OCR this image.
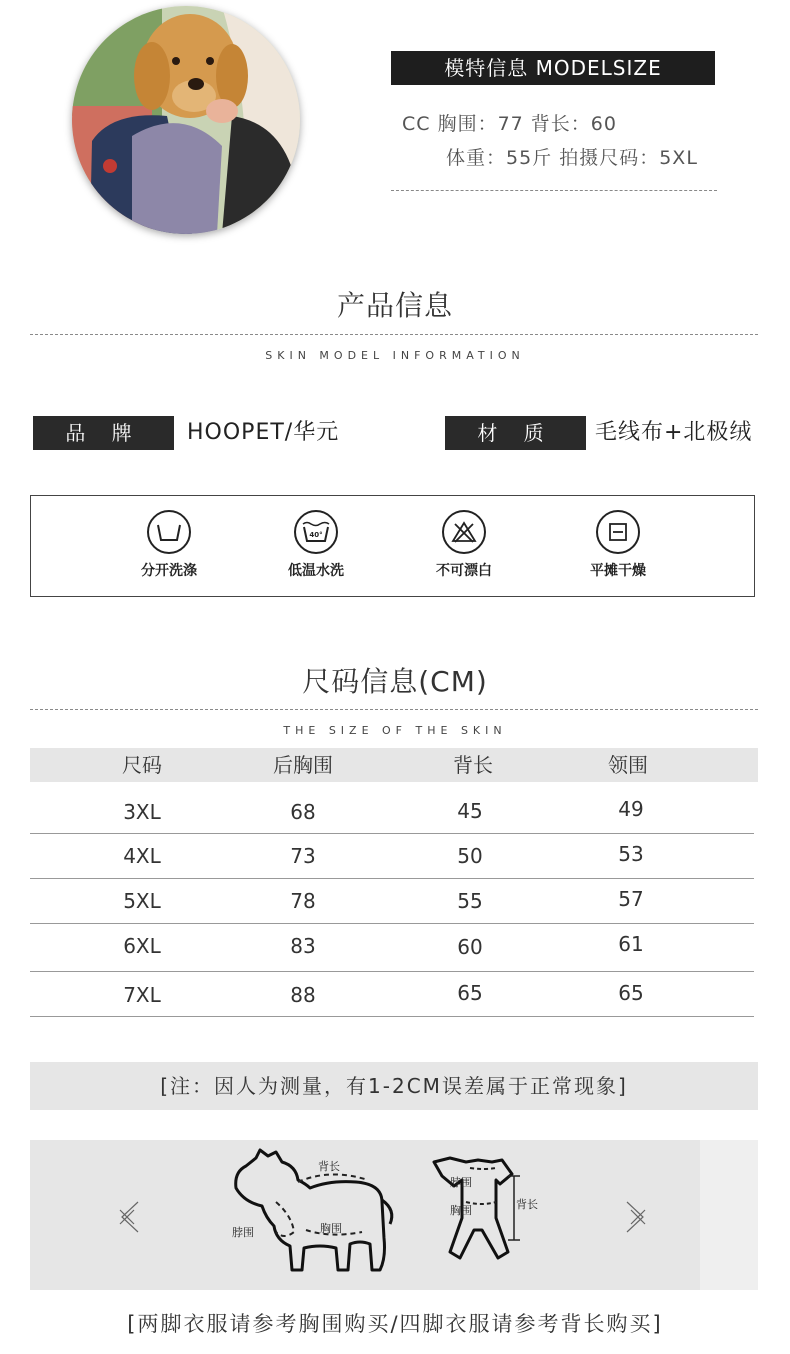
模特信息 MODELSIZE
CC 胸围：77 背长：60
体重：55斤 拍摄尺码：5XL
产品信息
SKIN MODEL INFORMATION
品 牌	HOOPET/华元	材 质	毛线布+北极绒
分开洗涤
40°
低温水洗	不可漂白	平摊干燥
尺码信息(CM)
THE SIZE OF THE SKIN
尺码	后胸围	背长	领围
3XL	68	45	49
4XL	73	50	53
5XL	78	55	57
6XL	83	60	61
7XL	88	65	65
[注：因人为测量，有1-2CM误差属于正常现象]
背长
脖围	胸围
脖围
胸围	背长
[两脚衣服请参考胸围购买/四脚衣服请参考背长购买]
